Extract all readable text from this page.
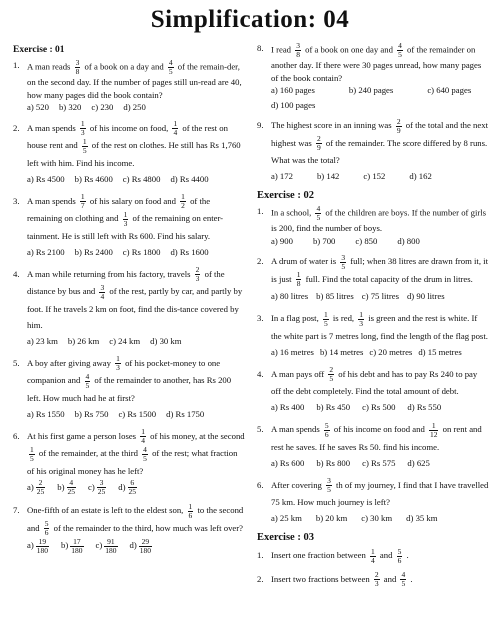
Simplification: 04
Exercise : 01
1. A man reads $\frac{3}{8}$ of a book on a day and $\frac{4}{5}$ of the remain-der, on the second day. If the number of pages still un-read are 40, how many pages did the book contain?
a) 520 b) 320 c) 230 d) 250
2. A man spends $\frac{1}{3}$ of his income on food, $\frac{1}{4}$ of the rest on house rent and $\frac{1}{5}$ of the rest on clothes. He still has Rs 1,760 left with him. Find his income.
a) Rs 4500 b) Rs 4600 c) Rs 4800 d) Rs 4400
3. A man spends $\frac{1}{7}$ of his salary on food and $\frac{1}{2}$ of the remaining on clothing and $\frac{1}{3}$ of the remaining on enter-tainment. He is still left with Rs 600. Find his salary.
a) Rs 2100 b) Rs 2400 c) Rs 1800 d) Rs 1600
4. A man while returning from his factory, travels $\frac{2}{3}$ of the distance by bus and $\frac{3}{4}$ of the rest, partly by car, and partly by foot. If he travels 2 km on foot, find the dis-tance covered by him.
a) 23 km b) 26 km c) 24 km d) 30 km
5. A boy after giving away $\frac{1}{3}$ of his pocket-money to one companion and $\frac{4}{5}$ of the remainder to another, has Rs 200 left. How much had he at first?
a) Rs 1550 b) Rs 750 c) Rs 1500 d) Rs 1750
6. At his first game a person loses $\frac{1}{4}$ of his money, at the second
$\frac{1}{5}$ of the remainder, at the third $\frac{4}{5}$ of the rest; what fraction of his original money has he left?
$a) \frac{2}{25} b) \frac{4}{25} c) \frac{3}{25} d) \frac{6}{25}$
7. One-fifth of an estate is left to the eldest son, $\frac{1}{6}$ to the second and $\frac{5}{6}$ of the remainder to the third, how much was left over?
$a) \frac{19}{180} b) \frac{17}{180} c) \frac{91}{180} d) \frac{29}{180}$
8. I read $\frac{3}{8}$ of a book on one day and $\frac{4}{5}$ of the remainder on another day. If there were 30 pages unread, how many pages of the book contain?
a) 160 pages	b) 240 pages	c) 640 pages
d) 100 pages
9. The highest score in an inning was $\frac{2}{9}$ of the total and the next highest was $\frac{2}{9}$ of the remainder. The score differed by 8 runs. What was the total?
a) 172	b) 142	c) 152	d) 162
Exercise : 02
1. In a school, $\frac{4}{5}$ of the children are boys. If the number of girls is 200, find the number of boys.
a) 900 b) 700 c) 850 d) 800
2. A drum of water is $\frac{3}{5}$ full; when 38 litres are drawn from it, it is just $\frac{1}{8}$ full. Find the total capacity of the drum in litres.
a) 80 litres b) 85 litres c) 75 litres d) 90 litres
3. In a flag post, $\frac{1}{5}$ is red, $\frac{1}{3}$ is green and the rest is white. If the white part is 7 metres long, find the length of the flag post.
a) 16 metres b) 14 metres c) 20 metres d) 15 metres
4. A man pays off $\frac{2}{5}$ of his debt and has to pay Rs 240 to pay off the debt completely. Find the total amount of debt.
a) Rs 400 b) Rs 450 c) Rs 500 d) Rs 550
5. A man spends $\frac{5}{6}$ of his income on food and $\frac{1}{12}$ on rent and rest he saves. If he saves Rs 50. find his income.
a) Rs 600 b) Rs 800 c) Rs 575 d) 625
6. After covering $\frac{3}{5}$ th of my journey, I find that I have travelled 75 km. How much journey is left?
a) 25 km b) 20 km c) 30 km d) 35 km
Exercise : 03
1. Insert one fraction between $\frac{1}{4}$ and $\frac{5}{6}$ .
2. Insert two fractions between $\frac{2}{3}$ and $\frac{4}{5}$ .
